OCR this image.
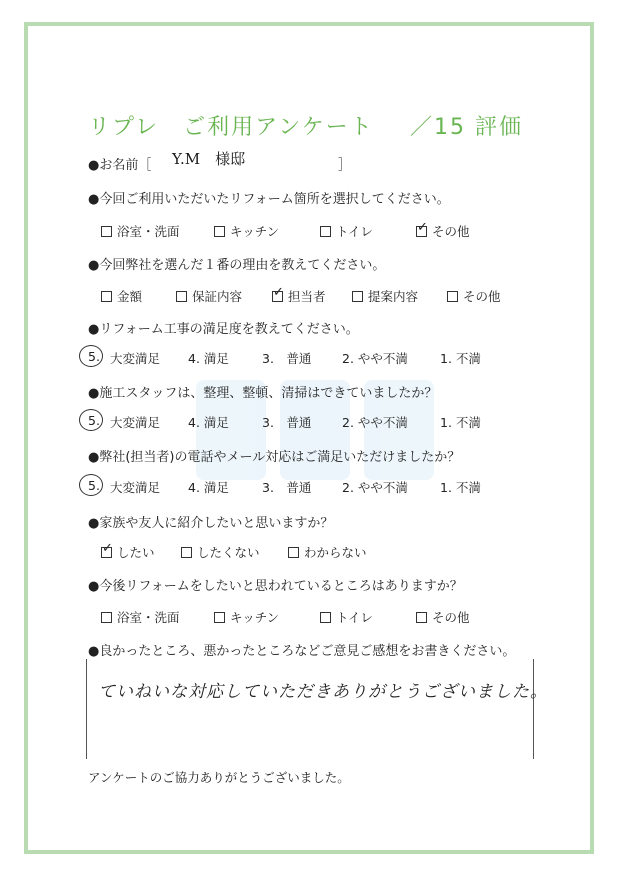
リプレ　ご利用アンケート ／15 評価
●お名前［ Y.M　様邸	］
●今回ご利用いただいたリフォーム箇所を選択してください。
浴室・洗面	キッチン	トイレ	✓ その他
●今回弊社を選んだ１番の理由を教えてください。
金額	保証内容 ✓ 担当者	提案内容	その他
●リフォーム工事の満足度を教えてください。
5. 大変満足 4. 満足	3.　普通 2. やや不満	1. 不満
●施工スタッフは、整理、整頓、清掃はできていましたか？
5. 大変満足 4. 満足	3.　普通 2. やや不満	1. 不満
●弊社(担当者)の電話やメール対応はご満足いただけましたか？
5. 大変満足 4. 満足	3.　普通 2. やや不満	1. 不満
●家族や友人に紹介したいと思いますか？
✓ したい	したくない	わからない
●今後リフォームをしたいと思われているところはありますか？
浴室・洗面	キッチン	トイレ	その他
●良かったところ、悪かったところなどご意見ご感想をお書きください。
ていねいな対応していただきありがとうございました。
アンケートのご協力ありがとうございました。
